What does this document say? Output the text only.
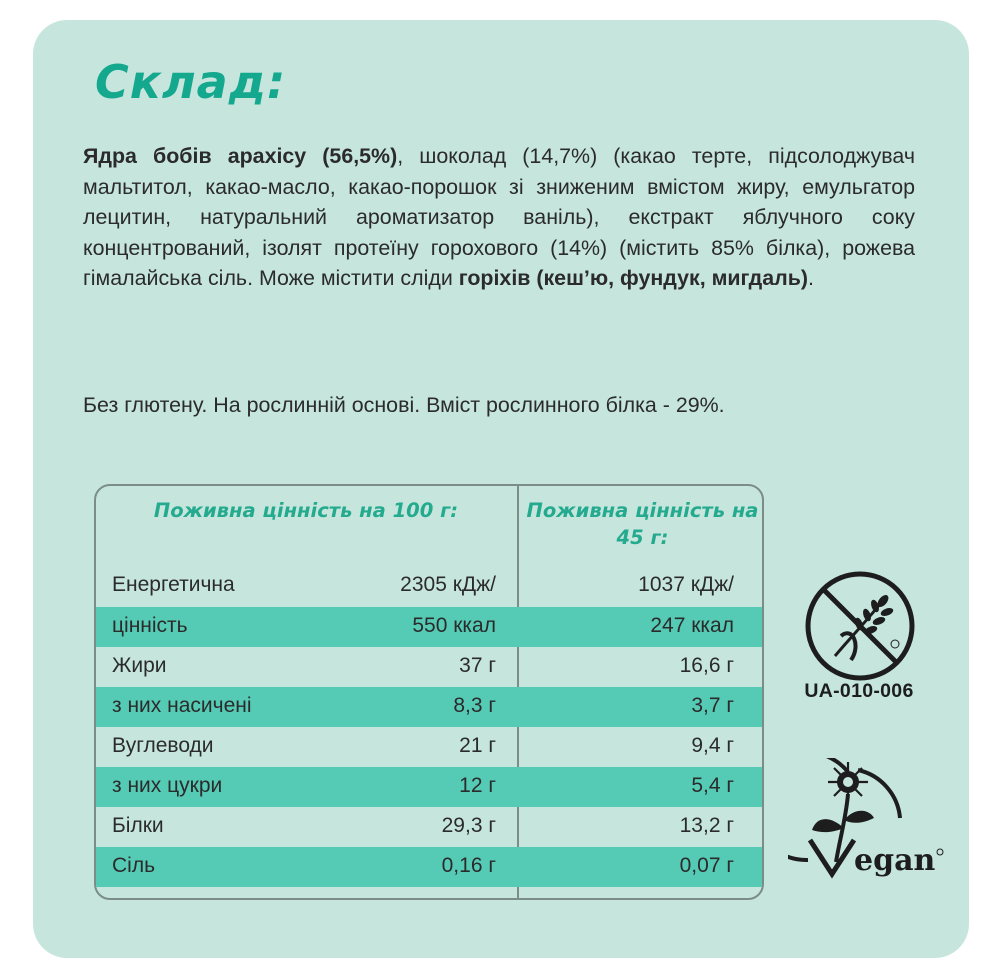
Склад:

Ядра бобів арахісу (56,5%), шоколад (14,7%) (какао терте, підсолоджувач мальтитол, какао-масло, какао-порошок зі зниженим вмістом жиру, емульгатор лецитин, натуральний ароматизатор ваніль), екстракт яблучного соку концентрований, ізолят протеїну горохового (14%) (містить 85% білка), рожева гімалайська сіль. Може містити сліди горіхів (кеш’ю, фундук, мигдаль).

Без глютену. На рослинній основі. Вміст рослинного білка - 29%.

Поживна цінність на 100 г:	Поживна цінність на 45 г:
Енергетична	2305 кДж/	1037 кДж/
цінність	550 ккал	247 ккал
Жири	37 г	16,6 г
з них насичені	8,3 г	3,7 г
Вуглеводи	21 г	9,4 г
з них цукри	12 г	5,4 г
Білки	29,3 г	13,2 г
Сіль	0,16 г	0,07 г
UA-010-006
egan
